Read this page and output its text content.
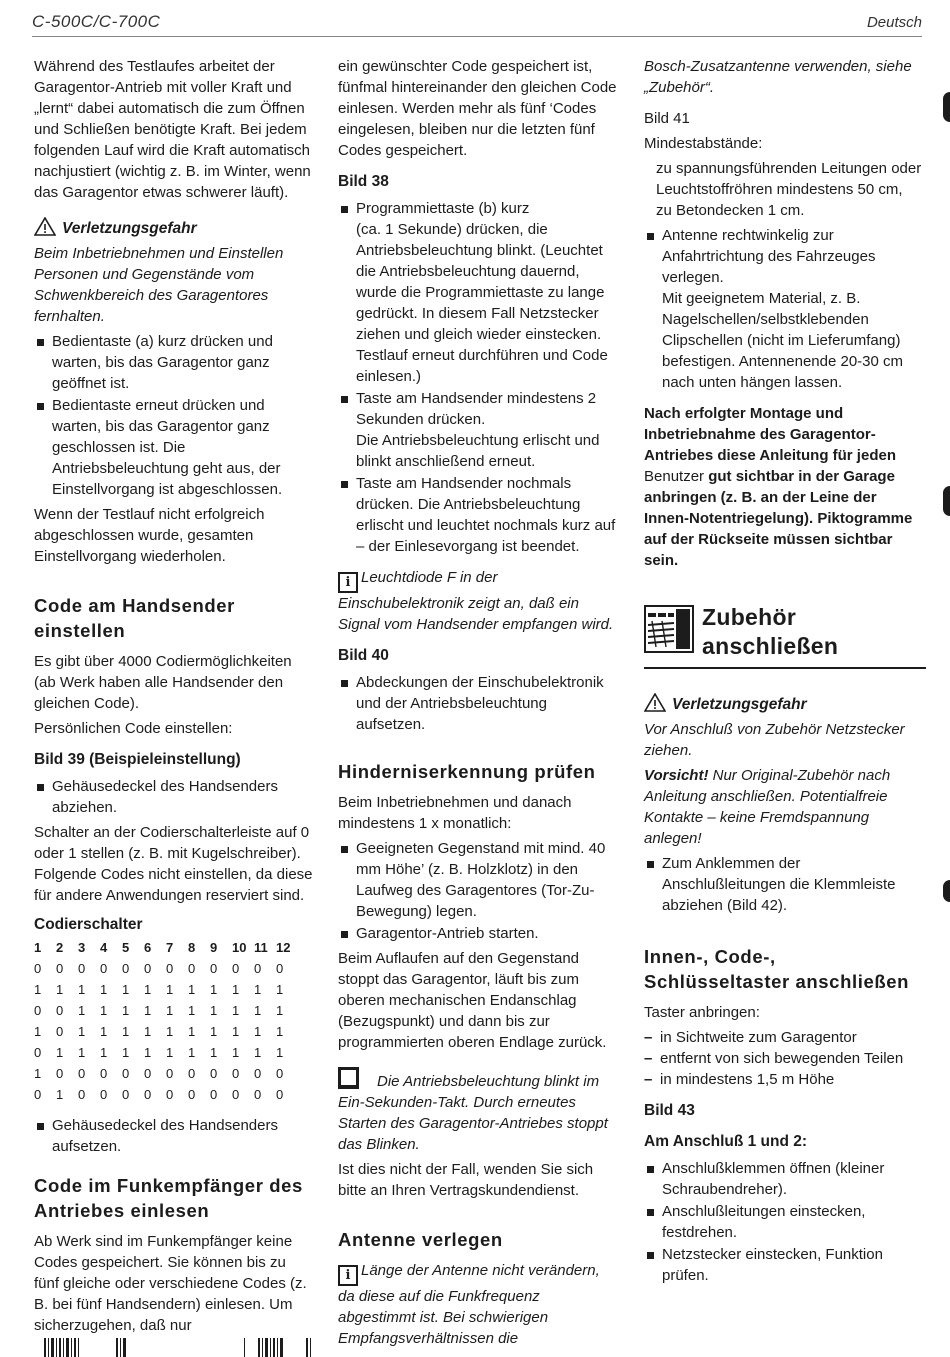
C-500C/C-700C	Deutsch

Während des Testlaufes arbeitet der Garagentor-Antrieb mit voller Kraft und „lernt“ dabei automatisch die zum Öffnen und Schließen benötigte Kraft. Bei jedem folgenden Lauf wird die Kraft automatisch nachjustiert (wichtig z. B. im Winter, wenn das Garagentor etwas schwerer läuft).

Verletzungsgefahr

Beim Inbetriebnehmen und Einstellen Personen und Gegenstände vom Schwenkbereich des Garagentores fernhalten.

Bedientaste (a) kurz drücken und warten, bis das Garagentor ganz geöffnet ist.
Bedientaste erneut drücken und warten, bis das Garagentor ganz geschlossen ist. Die Antriebsbeleuchtung geht aus, der Einstellvorgang ist abgeschlossen.

Wenn der Testlauf nicht erfolgreich abgeschlossen wurde, gesamten Einstellvorgang wiederholen.

Code am Handsender einstellen

Es gibt über 4000 Codiermöglichkeiten (ab Werk haben alle Handsender den gleichen Code).

Persönlichen Code einstellen:

Bild 39 (Beispieleinstellung)
Gehäusedeckel des Handsenders abziehen.

Schalter an der Codierschalterleiste auf 0 oder 1 stellen (z. B. mit Kugelschreiber). Folgende Codes nicht einstellen, da diese für andere Anwendungen reserviert sind.

Codierschalter
1	2	3	4	5	6	7	8	9	10	11	12
0	0	0	0	0	0	0	0	0	0	0	0
1	1	1	1	1	1	1	1	1	1	1	1
0	0	1	1	1	1	1	1	1	1	1	1
1	0	1	1	1	1	1	1	1	1	1	1
0	1	1	1	1	1	1	1	1	1	1	1
1	0	0	0	0	0	0	0	0	0	0	0
0	1	0	0	0	0	0	0	0	0	0	0
Gehäusedeckel des Handsenders aufsetzen.
Code im Funkempfänger des Antriebes einlesen

Ab Werk sind im Funkempfänger keine Codes gespeichert. Sie können bis zu fünf gleiche oder verschiedene Codes (z. B. bei fünf Handsendern) einlesen. Um sicherzugehen, daß nur

ein gewünschter Code gespeichert ist, fünfmal hintereinander den gleichen Code einlesen. Werden mehr als fünf ‘Codes eingelesen, bleiben nur die letzten fünf Codes gespeichert.

Bild 38
Programmiettaste (b) kurz
(ca. 1 Sekunde) drücken, die Antriebsbeleuchtung blinkt. (Leuchtet die Antriebsbeleuchtung dauernd, wurde die Programmiettaste zu lange gedrückt. In diesem Fall Netzstecker ziehen und gleich wieder einstecken. Testlauf erneut durchführen und Code einlesen.)
Taste am Handsender mindestens 2 Sekunden drücken.
Die Antriebsbeleuchtung erlischt und blinkt anschließend erneut.
Taste am Handsender nochmals drücken. Die Antriebsbeleuchtung erlischt und leuchtet nochmals kurz auf – der Einlesevorgang ist beendet.

i Leuchtdiode F in der Einschubelektronik zeigt an, daß ein Signal vom Handsender empfangen wird.

Bild 40
Abdeckungen der Einschubelektronik und der Antriebsbeleuchtung aufsetzen.
Hinderniserkennung prüfen

Beim Inbetriebnehmen und danach mindestens 1 x monatlich:

Geeigneten Gegenstand mit mind. 40 mm Höhe’ (z. B. Holzklotz) in den Laufweg des Garagentores (Tor-Zu-Bewegung) legen.
Garagentor-Antrieb starten.

Beim Auflaufen auf den Gegenstand stoppt das Garagentor, läuft bis zum oberen mechanischen Endanschlag (Bezugspunkt) und dann bis zur programmierten oberen Endlage zurück.

Die Antriebsbeleuchtung blinkt im Ein-Sekunden-Takt. Durch erneutes Starten des Garagentor-Antriebes stoppt das Blinken.

Ist dies nicht der Fall, wenden Sie sich bitte an Ihren Vertragskundendienst.

Antenne verlegen

i Länge der Antenne nicht verändern, da diese auf die Funkfrequenz abgestimmt ist. Bei schwierigen Empfangsverhältnissen die

Bosch-Zusatzantenne verwenden, siehe „Zubehör“.

Bild 41

Mindestabstände:

zu spannungsführenden Leitungen oder Leuchtstoffröhren mindestens 50 cm,

zu Betondecken 1 cm.

Antenne rechtwinkelig zur Anfahrtrichtung des Fahrzeuges verlegen.
Mit geeignetem Material, z. B. Nagelschellen/selbstklebenden Clipschellen (nicht im Lieferumfang) befestigen. Antennenende 20-30 cm nach unten hängen lassen.

Nach erfolgter Montage und Inbetriebnahme des Garagentor-Antriebes diese Anleitung für jeden Benutzer gut sichtbar in der Garage anbringen (z. B. an der Leine der Innen-Notentriegelung). Piktogramme auf der Rückseite müssen sichtbar sein.

Zubehör anschließen
Verletzungsgefahr

Vor Anschluß von Zubehör Netzstecker ziehen.

Vorsicht! Nur Original-Zubehör nach Anleitung anschließen. Potentialfreie Kontakte – keine Fremdspannung anlegen!

Zum Anklemmen der Anschlußleitungen die Klemmleiste abziehen (Bild 42).
Innen-, Code-, Schlüsseltaster anschließen

Taster anbringen:

– in Sichtweite zum Garagentor
– entfernt von sich bewegenden Teilen
– in mindestens 1,5 m Höhe
Bild 43
Am Anschluß 1 und 2:
Anschlußklemmen öffnen (kleiner Schraubendreher).
Anschlußleitungen einstecken, festdrehen.
Netzstecker einstecken, Funktion prüfen.
